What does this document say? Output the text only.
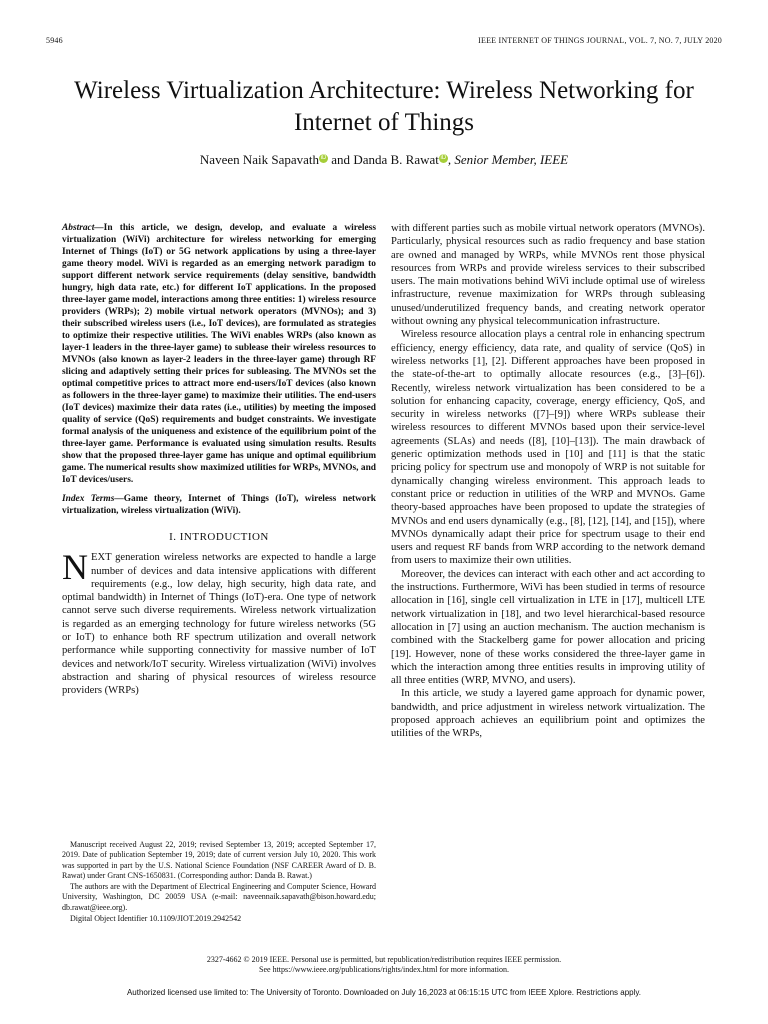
5946	IEEE INTERNET OF THINGS JOURNAL, VOL. 7, NO. 7, JULY 2020
Wireless Virtualization Architecture: Wireless Networking for Internet of Things
Naveen Naik Sapavath iD and Danda B. Rawat iD , Senior Member, IEEE
Abstract—In this article, we design, develop, and evaluate a wireless virtualization (WiVi) architecture for wireless networking for emerging Internet of Things (IoT) or 5G network applications by using a three-layer game theory model. WiVi is regarded as an emerging network paradigm to support different network service requirements (delay sensitive, bandwidth hungry, high data rate, etc.) for different IoT applications. In the proposed three-layer game model, interactions among three entities: 1) wireless resource providers (WRPs); 2) mobile virtual network operators (MVNOs); and 3) their subscribed wireless users (i.e., IoT devices), are formulated as strategies to optimize their respective utilities. The WiVi enables WRPs (also known as layer-1 leaders in the three-layer game) to sublease their wireless resources to MVNOs (also known as layer-2 leaders in the three-layer game) through RF slicing and adaptively setting their prices for subleasing. The MVNOs set the optimal competitive prices to attract more end-users/IoT devices (also known as followers in the three-layer game) to maximize their utilities. The end-users (IoT devices) maximize their data rates (i.e., utilities) by meeting the imposed quality of service (QoS) requirements and budget constraints. We investigate formal analysis of the uniqueness and existence of the equilibrium point of the three-layer game. Performance is evaluated using simulation results. Results show that the proposed three-layer game has unique and optimal equilibrium game. The numerical results show maximized utilities for WRPs, MVNOs, and IoT devices/users.
Index Terms—Game theory, Internet of Things (IoT), wireless network virtualization, wireless virtualization (WiVi).
I. INTRODUCTION

NEXT generation wireless networks are expected to handle a large number of devices and data intensive applications with different requirements (e.g., low delay, high security, high data rate, and optimal bandwidth) in Internet of Things (IoT)-era. One type of network cannot serve such diverse requirements. Wireless network virtualization is regarded as an emerging technology for future wireless networks (5G or IoT) to enhance both RF spectrum utilization and overall network performance while supporting connectivity for massive number of IoT devices and network/IoT security. Wireless virtualization (WiVi) involves abstraction and sharing of physical resources of wireless resource providers (WRPs)

Manuscript received August 22, 2019; revised September 13, 2019; accepted September 17, 2019. Date of publication September 19, 2019; date of current version July 10, 2020. This work was supported in part by the U.S. National Science Foundation (NSF CAREER Award of D. B. Rawat) under Grant CNS-1650831. (Corresponding author: Danda B. Rawat.)

The authors are with the Department of Electrical Engineering and Computer Science, Howard University, Washington, DC 20059 USA (e-mail: naveennaik.sapavath@bison.howard.edu; db.rawat@ieee.org).

Digital Object Identifier 10.1109/JIOT.2019.2942542

with different parties such as mobile virtual network operators (MVNOs). Particularly, physical resources such as radio frequency and base station are owned and managed by WRPs, while MVNOs rent those physical resources from WRPs and provide wireless services to their subscribed users. The main motivations behind WiVi include optimal use of wireless infrastructure, revenue maximization for WRPs through subleasing unused/underutilized frequency bands, and creating network operator without owning any physical telecommunication infrastructure.

Wireless resource allocation plays a central role in enhancing spectrum efficiency, energy efficiency, data rate, and quality of service (QoS) in wireless networks [1], [2]. Different approaches have been proposed in the state-of-the-art to optimally allocate resources (e.g., [3]–[6]). Recently, wireless network virtualization has been considered to be a solution for enhancing capacity, coverage, energy efficiency, QoS, and security in wireless networks ([7]–[9]) where WRPs sublease their wireless resources to different MVNOs based upon their service-level agreements (SLAs) and needs ([8], [10]–[13]). The main drawback of generic optimization methods used in [10] and [11] is that the static pricing policy for spectrum use and monopoly of WRP is not suitable for dynamically changing wireless environment. This approach leads to constant price or reduction in utilities of the WRP and MVNOs. Game theory-based approaches have been proposed to update the strategies of MVNOs and end users dynamically (e.g., [8], [12], [14], and [15]), where MVNOs dynamically adapt their price for spectrum usage to their end users and request RF bands from WRP according to the network demand from users to maximize their own utilities.

Moreover, the devices can interact with each other and act according to the instructions. Furthermore, WiVi has been studied in terms of resource allocation in [16], single cell virtualization in LTE in [17], multicell LTE network virtualization in [18], and two level hierarchical-based resource allocation in [7] using an auction mechanism. The auction mechanism is combined with the Stackelberg game for power allocation and pricing [19]. However, none of these works considered the three-layer game in which the interaction among three entities results in improving utility of all three entities (WRP, MVNO, and users).

In this article, we study a layered game approach for dynamic power, bandwidth, and price adjustment in wireless network virtualization. The proposed approach achieves an equilibrium point and optimizes the utilities of the WRPs,

2327-4662 © 2019 IEEE. Personal use is permitted, but republication/redistribution requires IEEE permission.
See https://www.ieee.org/publications/rights/index.html for more information.
Authorized licensed use limited to: The University of Toronto. Downloaded on July 16,2023 at 06:15:15 UTC from IEEE Xplore. Restrictions apply.
